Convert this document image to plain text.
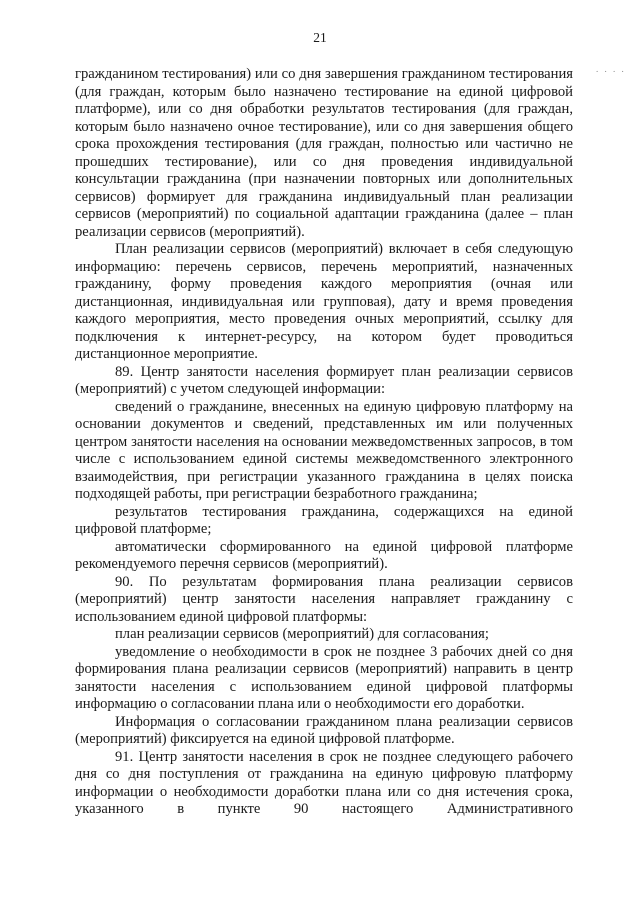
21
. . . .

гражданином тестирования) или со дня завершения гражданином тестирования (для граждан, которым было назначено тестирование на единой цифровой платформе), или со дня обработки результатов тестирования (для граждан, которым было назначено очное тестирование), или со дня завершения общего срока прохождения тестирования (для граждан, полностью или частично не прошедших тестирование), или со дня проведения индивидуальной консультации гражданина (при назначении повторных или дополнительных сервисов) формирует для гражданина индивидуальный план реализации сервисов (мероприятий) по социальной адаптации гражданина (далее – план реализации сервисов (мероприятий).

План реализации сервисов (мероприятий) включает в себя следующую информацию: перечень сервисов, перечень мероприятий, назначенных гражданину, форму проведения каждого мероприятия (очная или дистанционная, индивидуальная или групповая), дату и время проведения каждого мероприятия, место проведения очных мероприятий, ссылку для подключения к интернет-ресурсу, на котором будет проводиться дистанционное мероприятие.

89. Центр занятости населения формирует план реализации сервисов (мероприятий) с учетом следующей информации:

сведений о гражданине, внесенных на единую цифровую платформу на основании документов и сведений, представленных им или полученных центром занятости населения на основании межведомственных запросов, в том числе с использованием единой системы межведомственного электронного взаимодействия, при регистрации указанного гражданина в целях поиска подходящей работы, при регистрации безработного гражданина;

результатов тестирования гражданина, содержащихся на единой цифровой платформе;

автоматически сформированного на единой цифровой платформе рекомендуемого перечня сервисов (мероприятий).

90. По результатам формирования плана реализации сервисов (мероприятий) центр занятости населения направляет гражданину с использованием единой цифровой платформы:

план реализации сервисов (мероприятий) для согласования;

уведомление о необходимости в срок не позднее 3 рабочих дней со дня формирования плана реализации сервисов (мероприятий) направить в центр занятости населения с использованием единой цифровой платформы информацию о согласовании плана или о необходимости его доработки.

Информация о согласовании гражданином плана реализации сервисов (мероприятий) фиксируется на единой цифровой платформе.

91. Центр занятости населения в срок не позднее следующего рабочего дня со дня поступления от гражданина на единую цифровую платформу информации о необходимости доработки плана или со дня истечения срока, указанного в пункте 90 настоящего Административного
